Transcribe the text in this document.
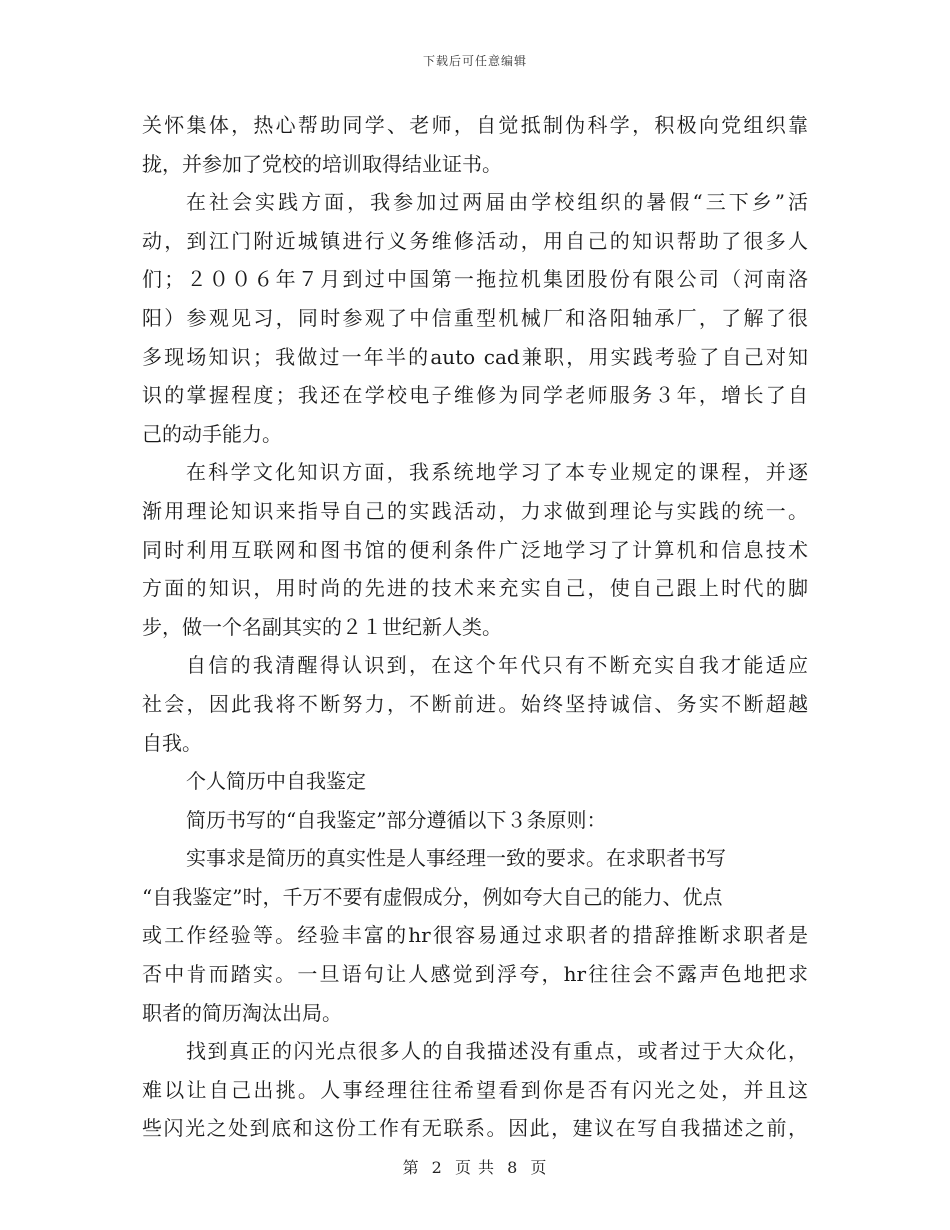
下载后可任意编辑
关怀集体，热心帮助同学、老师，自觉抵制伪科学，积极向党组织靠
拢，并参加了党校的培训取得结业证书。
在社会实践方面，我参加过两届由学校组织的暑假“三下乡”活
动，到江门附近城镇进行义务维修活动，用自己的知识帮助了很多人
们；２００６年７月到过中国第一拖拉机集团股份有限公司（河南洛
阳）参观见习，同时参观了中信重型机械厂和洛阳轴承厂，了解了很
多现场知识；我做过一年半的auto cad兼职，用实践考验了自己对知
识的掌握程度；我还在学校电子维修为同学老师服务３年，增长了自
己的动手能力。
在科学文化知识方面，我系统地学习了本专业规定的课程，并逐
渐用理论知识来指导自己的实践活动，力求做到理论与实践的统一。
同时利用互联网和图书馆的便利条件广泛地学习了计算机和信息技术
方面的知识，用时尚的先进的技术来充实自己，使自己跟上时代的脚
步，做一个名副其实的２１世纪新人类。
自信的我清醒得认识到，在这个年代只有不断充实自我才能适应
社会，因此我将不断努力，不断前进。始终坚持诚信、务实不断超越
自我。
个人简历中自我鉴定
简历书写的“自我鉴定”部分遵循以下３条原则：
实事求是简历的真实性是人事经理一致的要求。在求职者书写
“自我鉴定”时，千万不要有虚假成分，例如夸大自己的能力、优点
或工作经验等。经验丰富的hr很容易通过求职者的措辞推断求职者是
否中肯而踏实。一旦语句让人感觉到浮夸，hr往往会不露声色地把求
职者的简历淘汰出局。
找到真正的闪光点很多人的自我描述没有重点，或者过于大众化，
难以让自己出挑。人事经理往往希望看到你是否有闪光之处，并且这
些闪光之处到底和这份工作有无联系。因此，建议在写自我描述之前，
第 2 页 共 8 页
